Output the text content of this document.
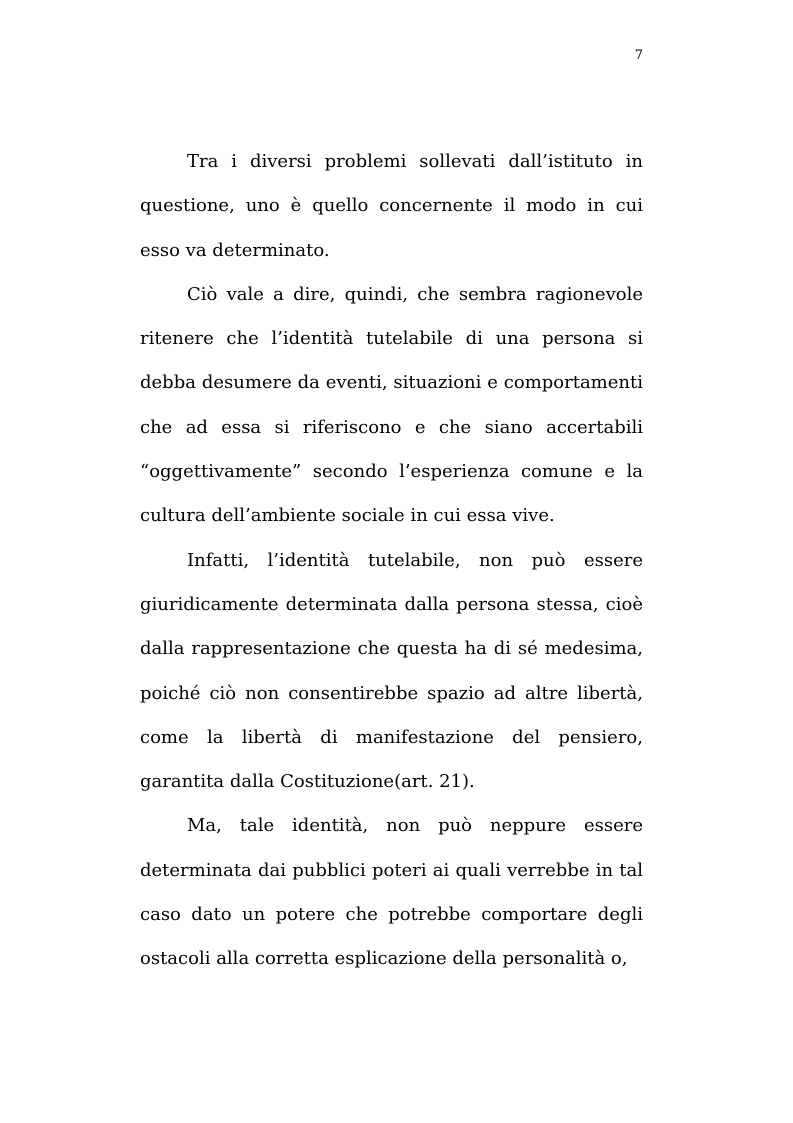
7

Tra i diversi problemi sollevati dall’istituto in questione, uno è quello concernente il modo in cui esso va determinato.

Ciò vale a dire, quindi, che sembra ragionevole ritenere che l’identità tutelabile di una persona si debba desumere da eventi, situazioni e comportamenti che ad essa si riferiscono e che siano accertabili “oggettivamente” secondo l’esperienza comune e la cultura dell’ambiente sociale in cui essa vive.

Infatti, l’identità tutelabile, non può essere giuridicamente determinata dalla persona stessa, cioè dalla rappresentazione che questa ha di sé medesima, poiché ciò non consentirebbe spazio ad altre libertà, come la libertà di manifestazione del pensiero, garantita dalla Costituzione(art. 21).

Ma, tale identità, non può neppure essere determinata dai pubblici poteri ai quali verrebbe in tal caso dato un potere che potrebbe comportare degli ostacoli alla corretta esplicazione della personalità o,
